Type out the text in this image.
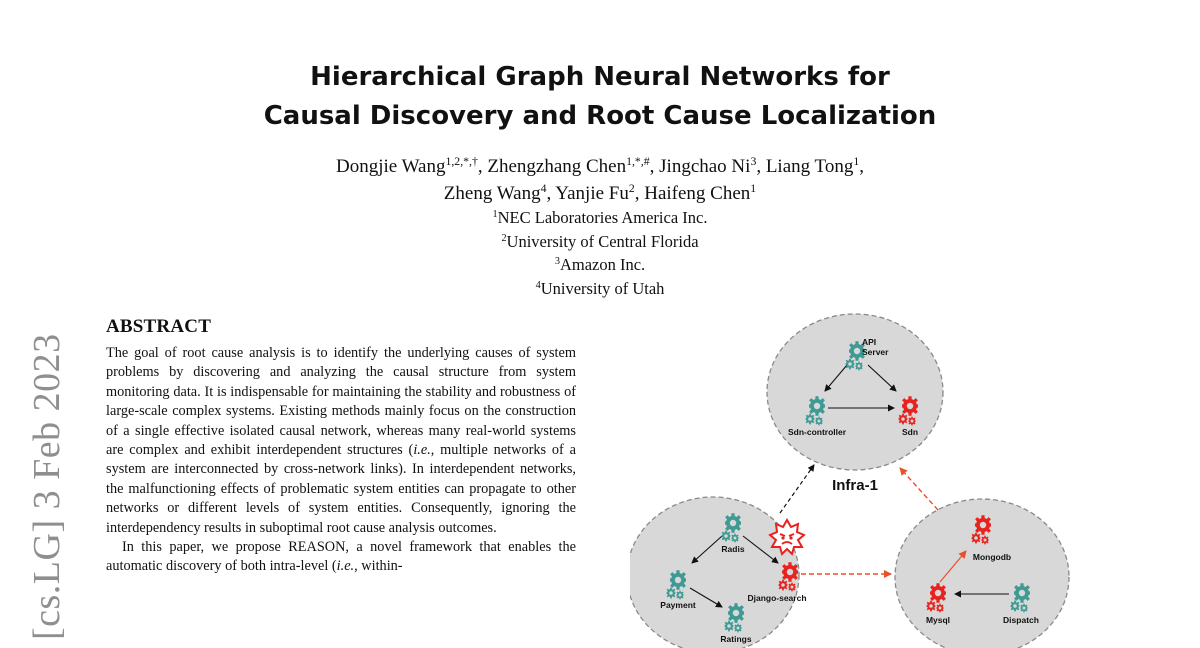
Hierarchical Graph Neural Networks for
Causal Discovery and Root Cause Localization
Dongjie Wang$^{1,2,*,\dagger}$, Zhengzhang Chen$^{1,*,\#}$, Jingchao Ni$^3$, Liang Tong$^1$,
Zheng Wang$^4$, Yanjie Fu$^2$, Haifeng Chen$^1$
$^1$NEC Laboratories America Inc.
$^2$University of Central Florida
$^3$Amazon Inc.
$^4$University of Utah
[cs.LG] 3 Feb 2023
ABSTRACT

The goal of root cause analysis is to identify the underlying causes of system problems by discovering and analyzing the causal structure from system monitoring data. It is indispensable for maintaining the stability and robustness of large-scale complex systems. Existing methods mainly focus on the construction of a single effective isolated causal network, whereas many real-world systems are complex and exhibit interdependent structures (i.e., multiple networks of a system are interconnected by cross-network links). In interdependent networks, the malfunctioning effects of problematic system entities can propagate to other networks or different levels of system entities. Consequently, ignoring the interdependency results in suboptimal root cause analysis outcomes.

In this paper, we propose REASON, a novel framework that enables the automatic discovery of both intra-level (i.e., within-

Infra-1
API
Server
Sdn-controller	Sdn
Radis
Payment
Django-search
Ratings
Mongodb
Mysql	Dispatch
